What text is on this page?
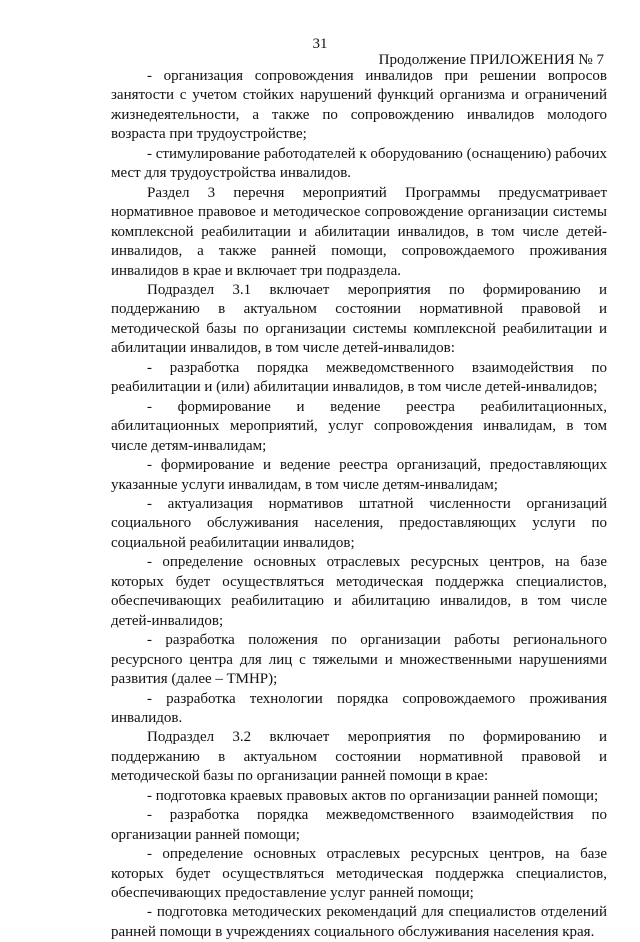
31
Продолжение ПРИЛОЖЕНИЯ № 7

- организация сопровождения инвалидов при решении вопросов занятости с учетом стойких нарушений функций организма и ограничений жизнедеятельности, а также по сопровождению инвалидов молодого возраста при трудоустройстве;

- стимулирование работодателей к оборудованию (оснащению) рабочих мест для трудоустройства инвалидов.

Раздел 3 перечня мероприятий Программы предусматривает нормативное правовое и методическое сопровождение организации системы комплексной реабилитации и абилитации инвалидов, в том числе детей-инвалидов, а также ранней помощи, сопровождаемого проживания инвалидов в крае и включает три подраздела.

Подраздел 3.1 включает мероприятия по формированию и поддержанию в актуальном состоянии нормативной правовой и методической базы по организации системы комплексной реабилитации и абилитации инвалидов, в том числе детей-инвалидов:

- разработка порядка межведомственного взаимодействия по реабилитации и (или) абилитации инвалидов, в том числе детей-инвалидов;

- формирование и ведение реестра реабилитационных, абилитационных мероприятий, услуг сопровождения инвалидам, в том числе детям-инвалидам;

- формирование и ведение реестра организаций, предоставляющих указанные услуги инвалидам, в том числе детям-инвалидам;

- актуализация нормативов штатной численности организаций социального обслуживания населения, предоставляющих услуги по социальной реабилитации инвалидов;

- определение основных отраслевых ресурсных центров, на базе которых будет осуществляться методическая поддержка специалистов, обеспечивающих реабилитацию и абилитацию инвалидов, в том числе детей-инвалидов;

- разработка положения по организации работы регионального ресурсного центра для лиц с тяжелыми и множественными нарушениями развития (далее – ТМНР);

- разработка технологии порядка сопровождаемого проживания инвалидов.

Подраздел 3.2 включает мероприятия по формированию и поддержанию в актуальном состоянии нормативной правовой и методической базы по организации ранней помощи в крае:

- подготовка краевых правовых актов по организации ранней помощи;

- разработка порядка межведомственного взаимодействия по организации ранней помощи;

- определение основных отраслевых ресурсных центров, на базе которых будет осуществляться методическая поддержка специалистов, обеспечивающих предоставление услуг ранней помощи;

- подготовка методических рекомендаций для специалистов отделений ранней помощи в учреждениях социального обслуживания населения края.
